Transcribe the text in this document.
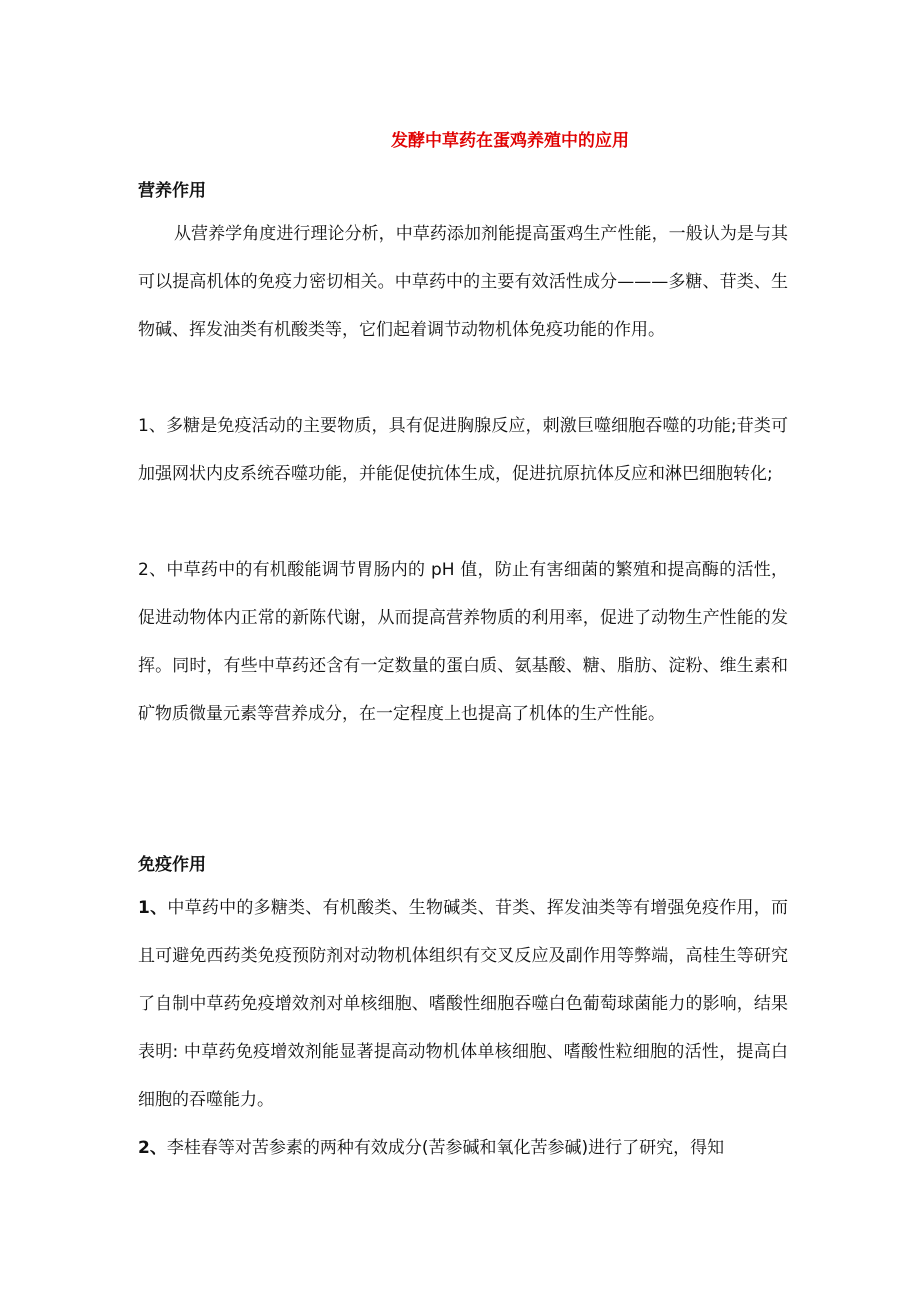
发酵中草药在蛋鸡养殖中的应用
营养作用
从营养学角度进行理论分析，中草药添加剂能提高蛋鸡生产性能，一般认为是与其可以提高机体的免疫力密切相关。中草药中的主要有效活性成分———多糖、苷类、生物碱、挥发油类有机酸类等，它们起着调节动物机体免疫功能的作用。
1、多糖是免疫活动的主要物质，具有促进胸腺反应，刺激巨噬细胞吞噬的功能;苷类可加强网状内皮系统吞噬功能，并能促使抗体生成，促进抗原抗体反应和淋巴细胞转化;
2、中草药中的有机酸能调节胃肠内的 pH 值，防止有害细菌的繁殖和提高酶的活性，促进动物体内正常的新陈代谢，从而提高营养物质的利用率，促进了动物生产性能的发挥。同时，有些中草药还含有一定数量的蛋白质、氨基酸、糖、脂肪、淀粉、维生素和矿物质微量元素等营养成分，在一定程度上也提高了机体的生产性能。
免疫作用
1、中草药中的多糖类、有机酸类、生物碱类、苷类、挥发油类等有增强免疫作用，而且可避免西药类免疫预防剂对动物机体组织有交叉反应及副作用等弊端，高桂生等研究了自制中草药免疫增效剂对单核细胞、嗜酸性细胞吞噬白色葡萄球菌能力的影响，结果表明: 中草药免疫增效剂能显著提高动物机体单核细胞、嗜酸性粒细胞的活性，提高白细胞的吞噬能力。
2、李桂春等对苦参素的两种有效成分(苦参碱和氧化苦参碱)进行了研究，得知
